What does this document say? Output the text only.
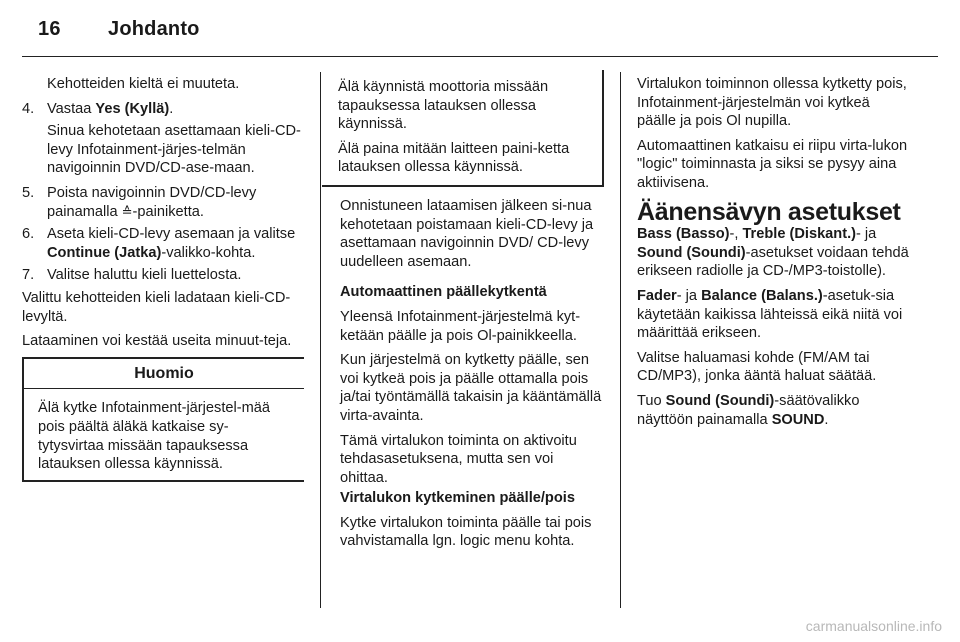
16 Johdanto

Kehotteiden kieltä ei muuteta.

4. Vastaa Yes (Kyllä).

Sinua kehotetaan asettamaan kieli-CD-levy Infotainment-järjes-telmän navigoinnin DVD/CD-ase-maan.

5. Poista navigoinnin DVD/CD-levy painamalla ≙-painiketta.
6. Aseta kieli-CD-levy asemaan ja valitse Continue (Jatka)-valikko-kohta.
7. Valitse haluttu kieli luettelosta.

Valittu kehotteiden kieli ladataan kieli-CD-levyltä.

Lataaminen voi kestää useita minuut-teja.

Huomio
Älä kytke Infotainment-järjestel-mää pois päältä äläkä katkaise sy-tytysvirtaa missään tapauksessa latauksen ollessa käynnissä.

Älä käynnistä moottoria missään tapauksessa latauksen ollessa käynnissä.

Älä paina mitään laitteen paini-ketta latauksen ollessa käynnissä.

Onnistuneen lataamisen jälkeen si-nua kehotetaan poistamaan kieli-CD-levy ja asettamaan navigoinnin DVD/ CD-levy uudelleen asemaan.

Automaattinen päällekytkentä

Yleensä Infotainment-järjestelmä kyt-ketään päälle ja pois Ol-painikkeella.

Kun järjestelmä on kytketty päälle, sen voi kytkeä pois ja päälle ottamalla pois ja/tai työntämällä takaisin ja kääntämällä virta-avainta.

Tämä virtalukon toiminta on aktivoitu tehdasasetuksena, mutta sen voi ohittaa.

Virtalukon kytkeminen päälle/pois

Kytke virtalukon toiminta päälle tai pois vahvistamalla lgn. logic menu kohta.

Virtalukon toiminnon ollessa kytketty pois, Infotainment-järjestelmän voi kytkeä päälle ja pois Ol nupilla.

Automaattinen katkaisu ei riipu virta-lukon "logic" toiminnasta ja siksi se pysyy aina aktiivisena.

Äänensävyn asetukset

Bass (Basso)-, Treble (Diskant.)- ja Sound (Soundi)-asetukset voidaan tehdä erikseen radiolle ja CD-/MP3-toistolle).

Fader- ja Balance (Balans.)-asetuk-sia käytetään kaikissa lähteissä eikä niitä voi määrittää erikseen.

Valitse haluamasi kohde (FM/AM tai CD/MP3), jonka ääntä haluat säätää.

Tuo Sound (Soundi)-säätövalikko näyttöön painamalla SOUND.

carmanualsonline.info
